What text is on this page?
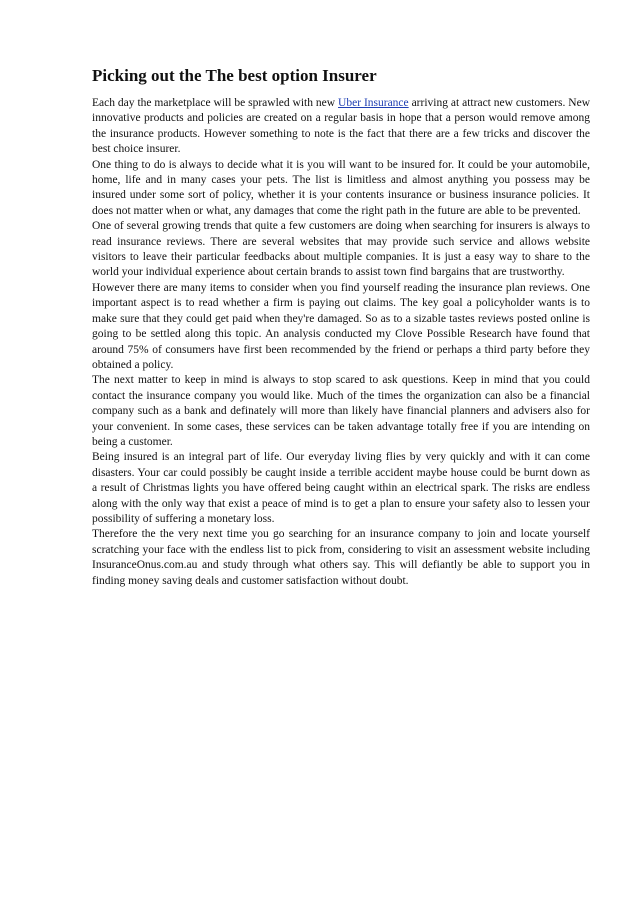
Picking out the The best option Insurer

Each day the marketplace will be sprawled with new Uber Insurance arriving at attract new customers. New innovative products and policies are created on a regular basis in hope that a person would remove among the insurance products. However something to note is the fact that there are a few tricks and discover the best choice insurer.

One thing to do is always to decide what it is you will want to be insured for. It could be your automobile, home, life and in many cases your pets. The list is limitless and almost anything you possess may be insured under some sort of policy, whether it is your contents insurance or business insurance policies. It does not matter when or what, any damages that come the right path in the future are able to be prevented.

One of several growing trends that quite a few customers are doing when searching for insurers is always to read insurance reviews. There are several websites that may provide such service and allows website visitors to leave their particular feedbacks about multiple companies. It is just a easy way to share to the world your individual experience about certain brands to assist town find bargains that are trustworthy.

However there are many items to consider when you find yourself reading the insurance plan reviews. One important aspect is to read whether a firm is paying out claims. The key goal a policyholder wants is to make sure that they could get paid when they're damaged. So as to a sizable tastes reviews posted online is going to be settled along this topic. An analysis conducted my Clove Possible Research have found that around 75% of consumers have first been recommended by the friend or perhaps a third party before they obtained a policy.

The next matter to keep in mind is always to stop scared to ask questions. Keep in mind that you could contact the insurance company you would like. Much of the times the organization can also be a financial company such as a bank and definately will more than likely have financial planners and advisers also for your convenient. In some cases, these services can be taken advantage totally free if you are intending on being a customer.

Being insured is an integral part of life. Our everyday living flies by very quickly and with it can come disasters. Your car could possibly be caught inside a terrible accident maybe house could be burnt down as a result of Christmas lights you have offered being caught within an electrical spark. The risks are endless along with the only way that exist a peace of mind is to get a plan to ensure your safety also to lessen your possibility of suffering a monetary loss.

Therefore the the very next time you go searching for an insurance company to join and locate yourself scratching your face with the endless list to pick from, considering to visit an assessment website including InsuranceOnus.com.au and study through what others say. This will defiantly be able to support you in finding money saving deals and customer satisfaction without doubt.
